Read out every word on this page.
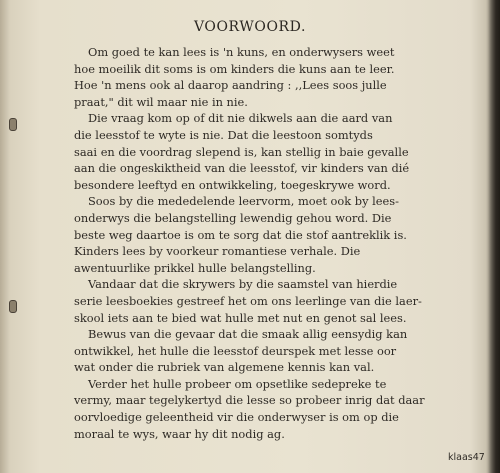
VOORWOORD.
Om goed te kan lees is 'n kuns, en onderwysers weet
hoe moeilik dit soms is om kinders die kuns aan te leer.
Hoe 'n mens ook al daarop aandring : ,,Lees soos julle
praat," dit wil maar nie in nie.
Die vraag kom op of dit nie dikwels aan die aard van
die leesstof te wyte is nie. Dat die leestoon somtyds
saai en die voordrag slepend is, kan stellig in baie gevalle
aan die ongeskiktheid van die leesstof, vir kinders van dié
besondere leeftyd en ontwikkeling, toegeskrywe word.
Soos by die mededelende leervorm, moet ook by lees-
onderwys die belangstelling lewendig gehou word. Die
beste weg daartoe is om te sorg dat die stof aantreklik is.
Kinders lees by voorkeur romantiese verhale. Die
awentuurlike prikkel hulle belangstelling.
Vandaar dat die skrywers by die saamstel van hierdie
serie leesboekies gestreef het om ons leerlinge van die laer-
skool iets aan te bied wat hulle met nut en genot sal lees.
Bewus van die gevaar dat die smaak allig eensydig kan
ontwikkel, het hulle die leesstof deurspek met lesse oor
wat onder die rubriek van algemene kennis kan val.
Verder het hulle probeer om opsetlike sedepreke te
vermy, maar tegelykertyd die lesse so probeer inrig dat daar
oorvloedige geleentheid vir die onderwyser is om op die
moraal te wys, waar hy dit nodig ag.
klaas47
